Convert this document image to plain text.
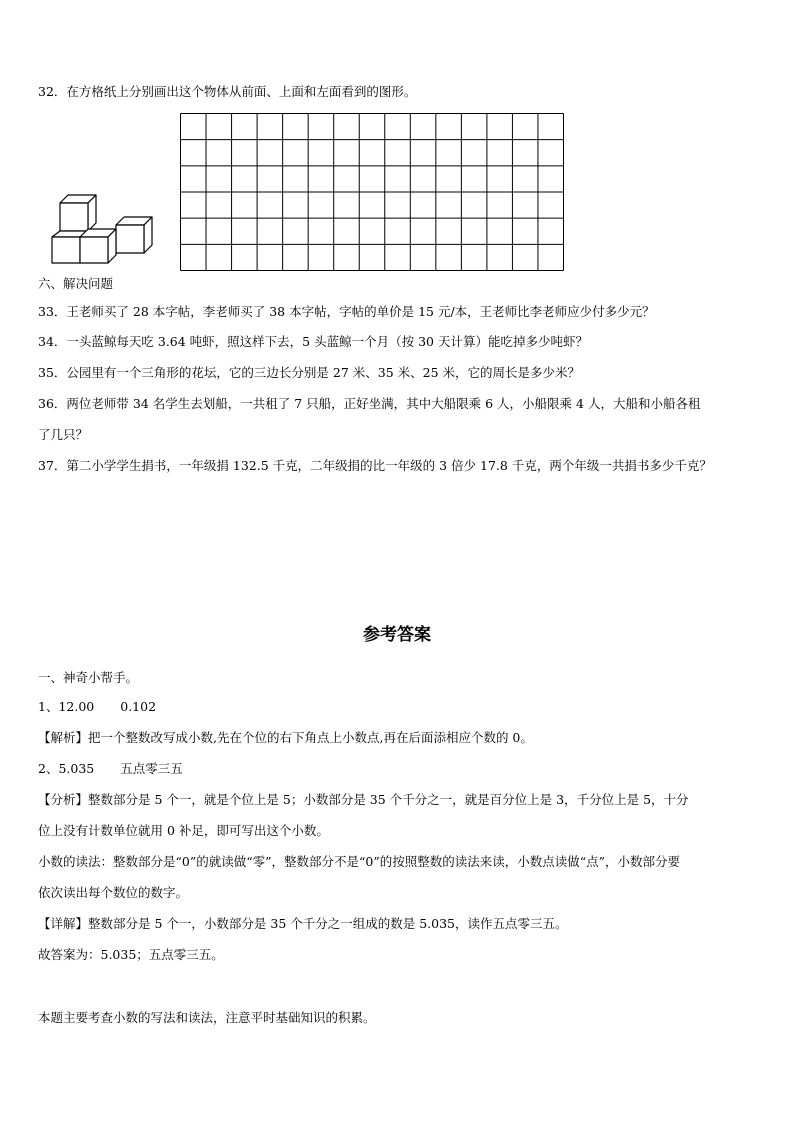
32．在方格纸上分别画出这个物体从前面、上面和左面看到的图形。
六、解决问题
33．王老师买了 28 本字帖，李老师买了 38 本字帖，字帖的单价是 15 元/本，王老师比李老师应少付多少元？
34．一头蓝鲸每天吃 3.64 吨虾，照这样下去，5 头蓝鲸一个月（按 30 天计算）能吃掉多少吨虾？
35．公园里有一个三角形的花坛，它的三边长分别是 27 米、35 米、25 米，它的周长是多少米？
36．两位老师带 34 名学生去划船，一共租了 7 只船，正好坐满，其中大船限乘 6 人，小船限乘 4 人，大船和小船各租
了几只？
37．第二小学学生捐书，一年级捐 132.5 千克，二年级捐的比一年级的 3 倍少 17.8 千克，两个年级一共捐书多少千克？
参考答案
一、神奇小帮手。
1、12.00 0.102
【解析】把一个整数改写成小数,先在个位的右下角点上小数点,再在后面添相应个数的 0。
2、5.035 五点零三五
【分析】整数部分是 5 个一，就是个位上是 5；小数部分是 35 个千分之一，就是百分位上是 3，千分位上是 5，十分
位上没有计数单位就用 0 补足，即可写出这个小数。
小数的读法：整数部分是“0”的就读做“零”，整数部分不是“0”的按照整数的读法来读，小数点读做“点”，小数部分要
依次读出每个数位的数字。
【详解】整数部分是 5 个一，小数部分是 35 个千分之一组成的数是 5.035，读作五点零三五。
故答案为：5.035；五点零三五。
本题主要考查小数的写法和读法，注意平时基础知识的积累。
